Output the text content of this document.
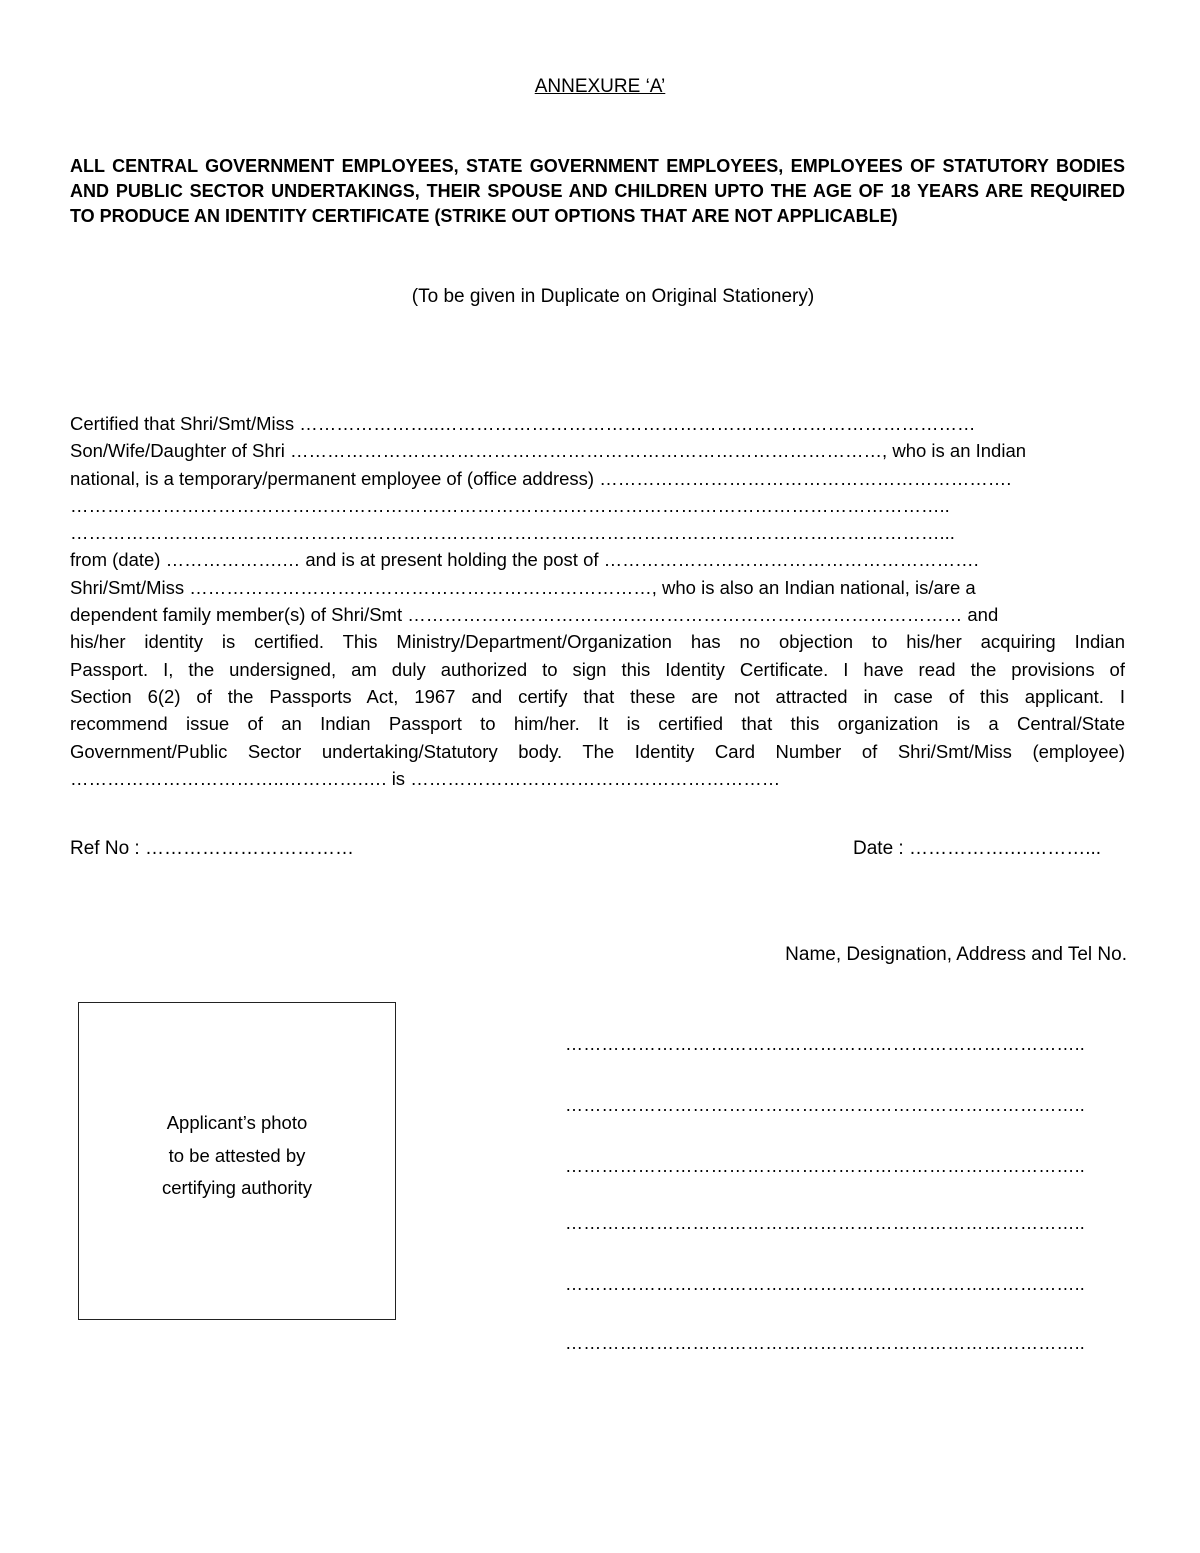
ANNEXURE ‘A’
ALL CENTRAL GOVERNMENT EMPLOYEES, STATE GOVERNMENT EMPLOYEES, EMPLOYEES OF STATUTORY BODIES AND PUBLIC SECTOR UNDERTAKINGS, THEIR SPOUSE AND CHILDREN UPTO THE AGE OF 18 YEARS ARE REQUIRED TO PRODUCE AN IDENTITY CERTIFICATE (STRIKE OUT OPTIONS THAT ARE NOT APPLICABLE)
(To be given in Duplicate on Original Stationery)
Certified that Shri/Smt/Miss …………………..……………………………………………………………………………
Son/Wife/Daughter of Shri ……………………………………………………………………………………, who is an Indian
national, is a temporary/permanent employee of (office address) ………………………………………………………….
……………………………………………………………………………………………………………………………..
……………………………………………………………………………………………………………………………...
from (date) ……………….… and is at present holding the post of …………………………………………………….
Shri/Smt/Miss …………………………………………………………………, who is also an Indian national, is/are a
dependent family member(s) of Shri/Smt ……………………………………………………………………………… and
his/her identity is certified. This Ministry/Department/Organization has no objection to his/her acquiring Indian
Passport. I, the undersigned, am duly authorized to sign this Identity Certificate. I have read the provisions of
Section 6(2) of the Passports Act, 1967 and certify that these are not attracted in case of this applicant. I
recommend issue of an Indian Passport to him/her. It is certified that this organization is a Central/State
Government/Public Sector undertaking/Statutory body. The Identity Card Number of Shri/Smt/Miss (employee)
……………………………..………….…. is ……………………………………………………
Ref No : ……………………………	Date : …………….…………...
Name, Designation, Address and Tel No.
Applicant’s photo
to be attested by
certifying authority
…………………………………………………………………………..
…………………………………………………………………………..
…………………………………………………………………………..
…………………………………………………………………………..
…………………………………………………………………………..
…………………………………………………………………………..
